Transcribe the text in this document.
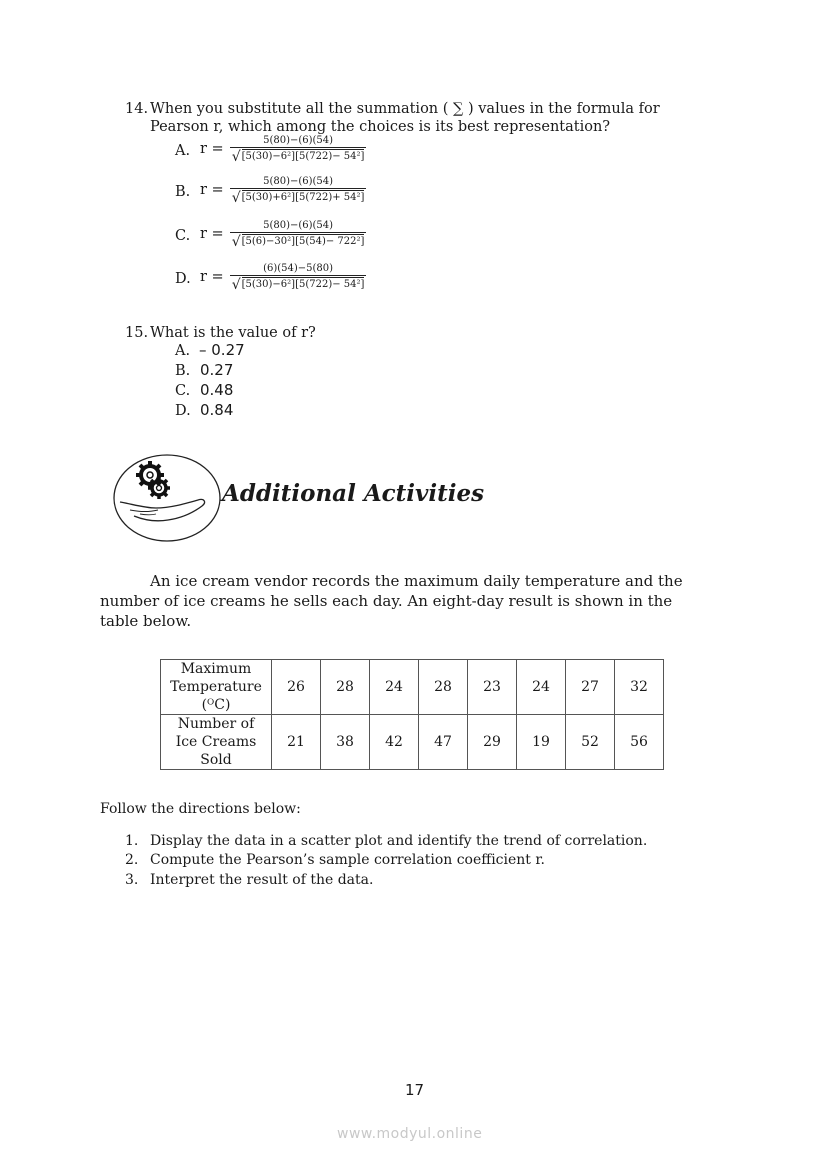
14. When you substitute all the summation ( ∑ ) values in the formula for
Pearson r, which among the choices is its best representation?
A. $r = \frac{5(80)-(6)(54)}{\text{√ [5(30)−6²][5(722)− 54²]}}$
B. $r = \frac{5(80)-(6)(54)}{\text{√ [5(30)+6²][5(722)+ 54²]}}$
C. $r = \frac{5(80)-(6)(54)}{\text{√ [5(6)−30²][5(54)− 722²]}}$
D. $r = \frac{(6)(54)-5(80)}{\text{√ [5(30)−6²][5(722)− 54²]}}$
15. What is the value of r?
A. – 0.27
B. 0.27
C. 0.48
D. 0.84
Additional Activities
An ice cream vendor records the maximum daily temperature and the
number of ice creams he sells each day. An eight-day result is shown in the
table below.
Maximum
Temperature
(ᴼC)	26	28	24	28	23	24	27	32

Number of
Ice Creams
Sold	21	38	42	47	29	19	52	56
Follow the directions below:
1. Display the data in a scatter plot and identify the trend of correlation.
2. Compute the Pearson’s sample correlation coefficient r.
3. Interpret the result of the data.
17
www.modyul.online
